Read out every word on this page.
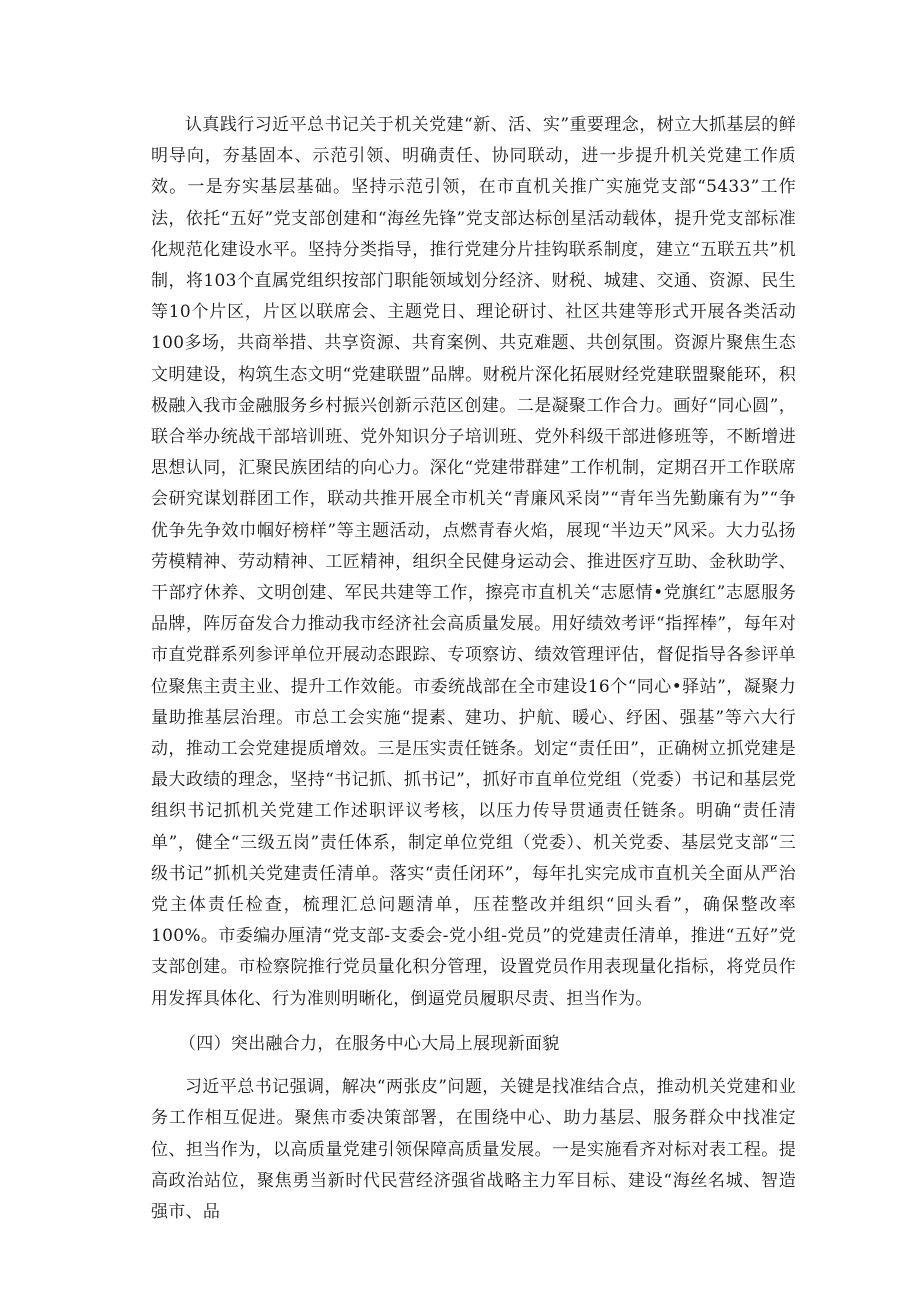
认真践行习近平总书记关于机关党建“新、活、实”重要理念，树立大抓基层的鲜明导向，夯基固本、示范引领、明确责任、协同联动，进一步提升机关党建工作质效。一是夯实基层基础。坚持示范引领，在市直机关推广实施党支部“5433”工作法，依托“五好”党支部创建和“海丝先锋”党支部达标创星活动载体，提升党支部标准化规范化建设水平。坚持分类指导，推行党建分片挂钩联系制度，建立“五联五共”机制，将103个直属党组织按部门职能领域划分经济、财税、城建、交通、资源、民生等10个片区，片区以联席会、主题党日、理论研讨、社区共建等形式开展各类活动100多场，共商举措、共享资源、共育案例、共克难题、共创氛围。资源片聚焦生态文明建设，构筑生态文明“党建联盟”品牌。财税片深化拓展财经党建联盟聚能环，积极融入我市金融服务乡村振兴创新示范区创建。二是凝聚工作合力。画好“同心圆”，联合举办统战干部培训班、党外知识分子培训班、党外科级干部进修班等，不断增进思想认同，汇聚民族团结的向心力。深化“党建带群建”工作机制，定期召开工作联席会研究谋划群团工作，联动共推开展全市机关“青廉风采岗”“青年当先勤廉有为”“争优争先争效巾帼好榜样”等主题活动，点燃青春火焰，展现“半边天”风采。大力弘扬劳模精神、劳动精神、工匠精神，组织全民健身运动会、推进医疗互助、金秋助学、干部疗休养、文明创建、军民共建等工作，擦亮市直机关“志愿情•党旗红”志愿服务品牌，阵厉奋发合力推动我市经济社会高质量发展。用好绩效考评“指挥棒”，每年对市直党群系列参评单位开展动态跟踪、专项察访、绩效管理评估，督促指导各参评单位聚焦主责主业、提升工作效能。市委统战部在全市建设16个“同心•驿站”，凝聚力量助推基层治理。市总工会实施“提素、建功、护航、暖心、纾困、强基”等六大行动，推动工会党建提质增效。三是压实责任链条。划定“责任田”，正确树立抓党建是最大政绩的理念，坚持“书记抓、抓书记”，抓好市直单位党组（党委）书记和基层党组织书记抓机关党建工作述职评议考核，以压力传导贯通责任链条。明确“责任清单”，健全“三级五岗”责任体系，制定单位党组（党委）、机关党委、基层党支部“三级书记”抓机关党建责任清单。落实“责任闭环”，每年扎实完成市直机关全面从严治党主体责任检查，梳理汇总问题清单，压茬整改并组织“回头看”，确保整改率100%。市委编办厘清“党支部-支委会-党小组-党员”的党建责任清单，推进“五好”党支部创建。市检察院推行党员量化积分管理，设置党员作用表现量化指标，将党员作用发挥具体化、行为准则明晰化，倒逼党员履职尽责、担当作为。

（四）突出融合力，在服务中心大局上展现新面貌

习近平总书记强调，解决“两张皮”问题，关键是找准结合点，推动机关党建和业务工作相互促进。聚焦市委决策部署，在围绕中心、助力基层、服务群众中找准定位、担当作为，以高质量党建引领保障高质量发展。一是实施看齐对标对表工程。提高政治站位，聚焦勇当新时代民营经济强省战略主力军目标、建设“海丝名城、智造强市、品
